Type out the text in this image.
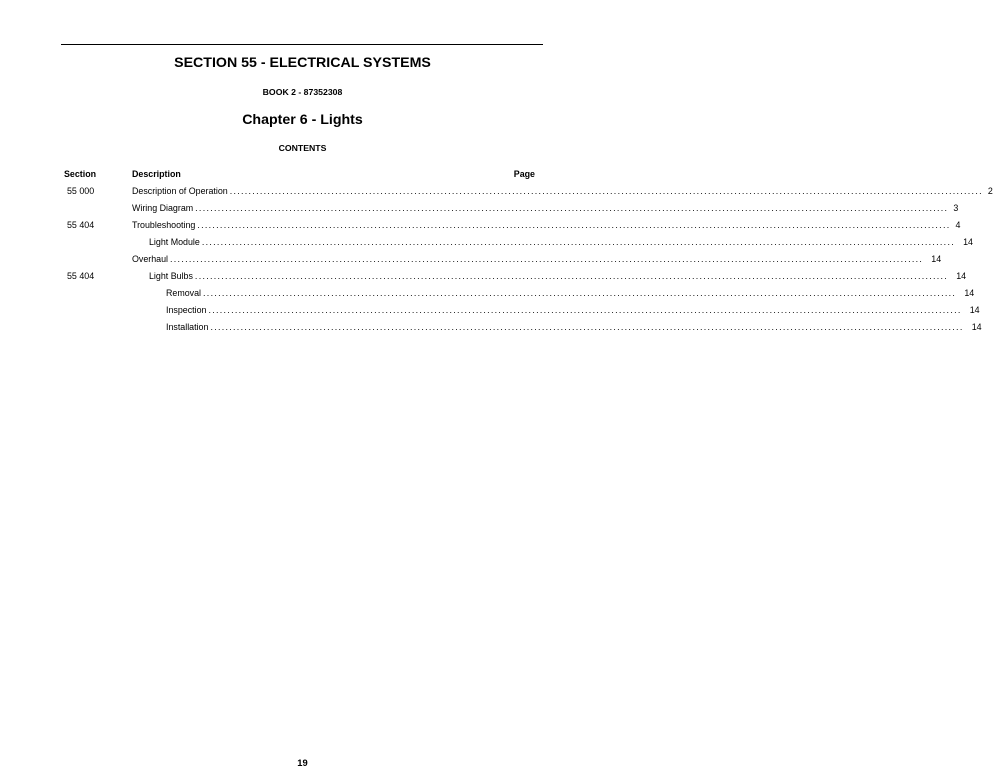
SECTION 55 - ELECTRICAL SYSTEMS
BOOK 2 - 87352308
Chapter 6 - Lights
CONTENTS
Section	Description	Page
55 000	Description of Operation ........................................................................................................................................................................................................ 2
Wiring Diagram ........................................................................................................................................................................................................ 3
55 404	Troubleshooting ........................................................................................................................................................................................................ 4
Light Module ........................................................................................................................................................................................................ 14
Overhaul ........................................................................................................................................................................................................ 14
55 404	Light Bulbs ........................................................................................................................................................................................................ 14
Removal ........................................................................................................................................................................................................ 14
Inspection ........................................................................................................................................................................................................ 14
Installation ........................................................................................................................................................................................................ 14
19
